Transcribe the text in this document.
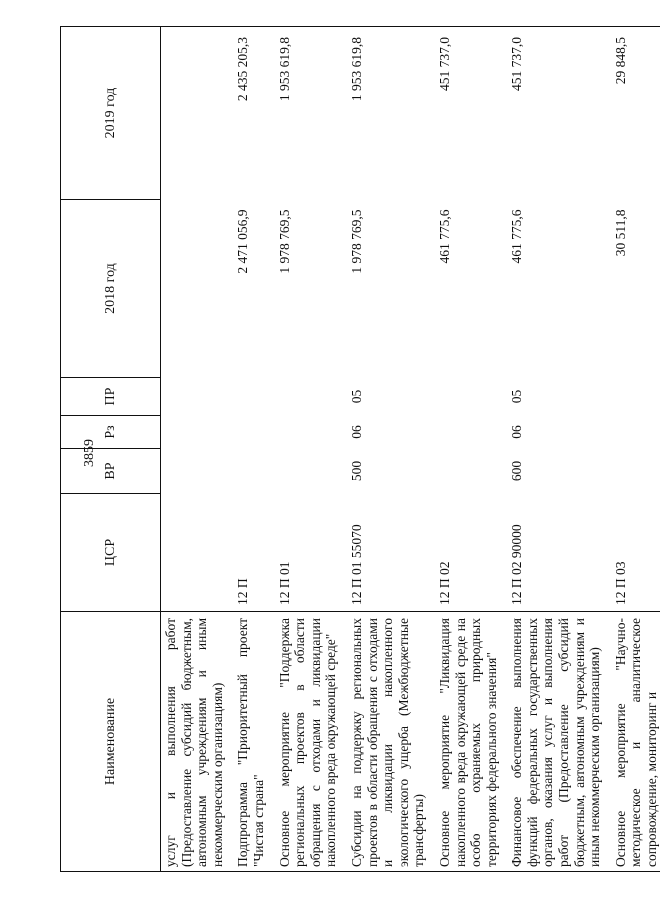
3859
Наименование	ЦСР	ВР	Рз	ПР	2018 год	2019 год
услуг и выполнения работ (Предоставление субсидий бюджетным, автономным учреждениям и иным некоммерческим организациям)						
Подпрограмма "Приоритетный проект "Чистая страна"	12 П				2 471 056,9	2 435 205,3
Основное мероприятие "Поддержка региональных проектов в области обращения с отходами и ликвидации накопленного вреда окружающей среде"	12 П 01				1 978 769,5	1 953 619,8
Субсидии на поддержку региональных проектов в области обращения с отходами и ликвидации накопленного экологического ущерба (Межбюджетные трансферты)	12 П 01 55070	500	06	05	1 978 769,5	1 953 619,8
Основное мероприятие "Ликвидация накопленного вреда окружающей среде на особо охраняемых природных территориях федерального значения"	12 П 02				461 775,6	451 737,0
Финансовое обеспечение выполнения функций федеральных государственных органов, оказания услуг и выполнения работ (Предоставление субсидий бюджетным, автономным учреждениям и иным некоммерческим организациям)	12 П 02 90000	600	06	05	461 775,6	451 737,0
Основное мероприятие "Научно-методическое и аналитическое сопровождение, мониторинг и	12 П 03				30 511,8	29 848,5
